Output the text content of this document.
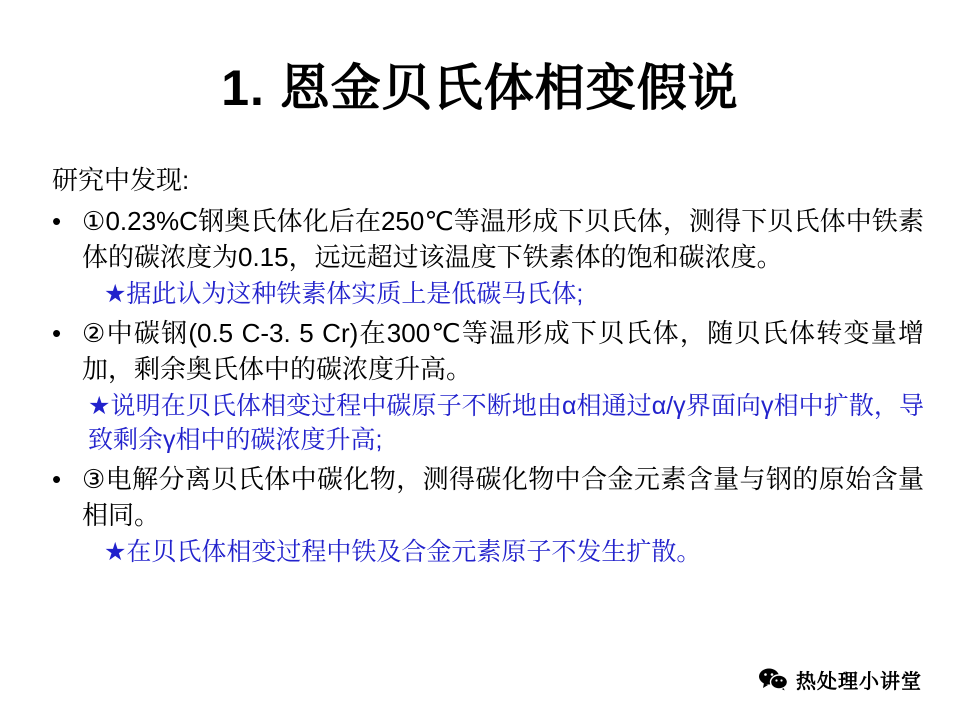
1. 恩金贝氏体相变假说
研究中发现:
• ①0.23%C钢奥氏体化后在250℃等温形成下贝氏体，测得下贝氏体中铁素体的碳浓度为0.15，远远超过该温度下铁素体的饱和碳浓度。
★据此认为这种铁素体实质上是低碳马氏体;
• ②中碳钢(0.5 C-3. 5 Cr)在300℃等温形成下贝氏体，随贝氏体转变量增加，剩余奥氏体中的碳浓度升高。
★说明在贝氏体相变过程中碳原子不断地由α相通过α/γ界面向γ相中扩散，导致剩余γ相中的碳浓度升高;
• ③电解分离贝氏体中碳化物，测得碳化物中合金元素含量与钢的原始含量相同。
★在贝氏体相变过程中铁及合金元素原子不发生扩散。
热处理小讲堂
